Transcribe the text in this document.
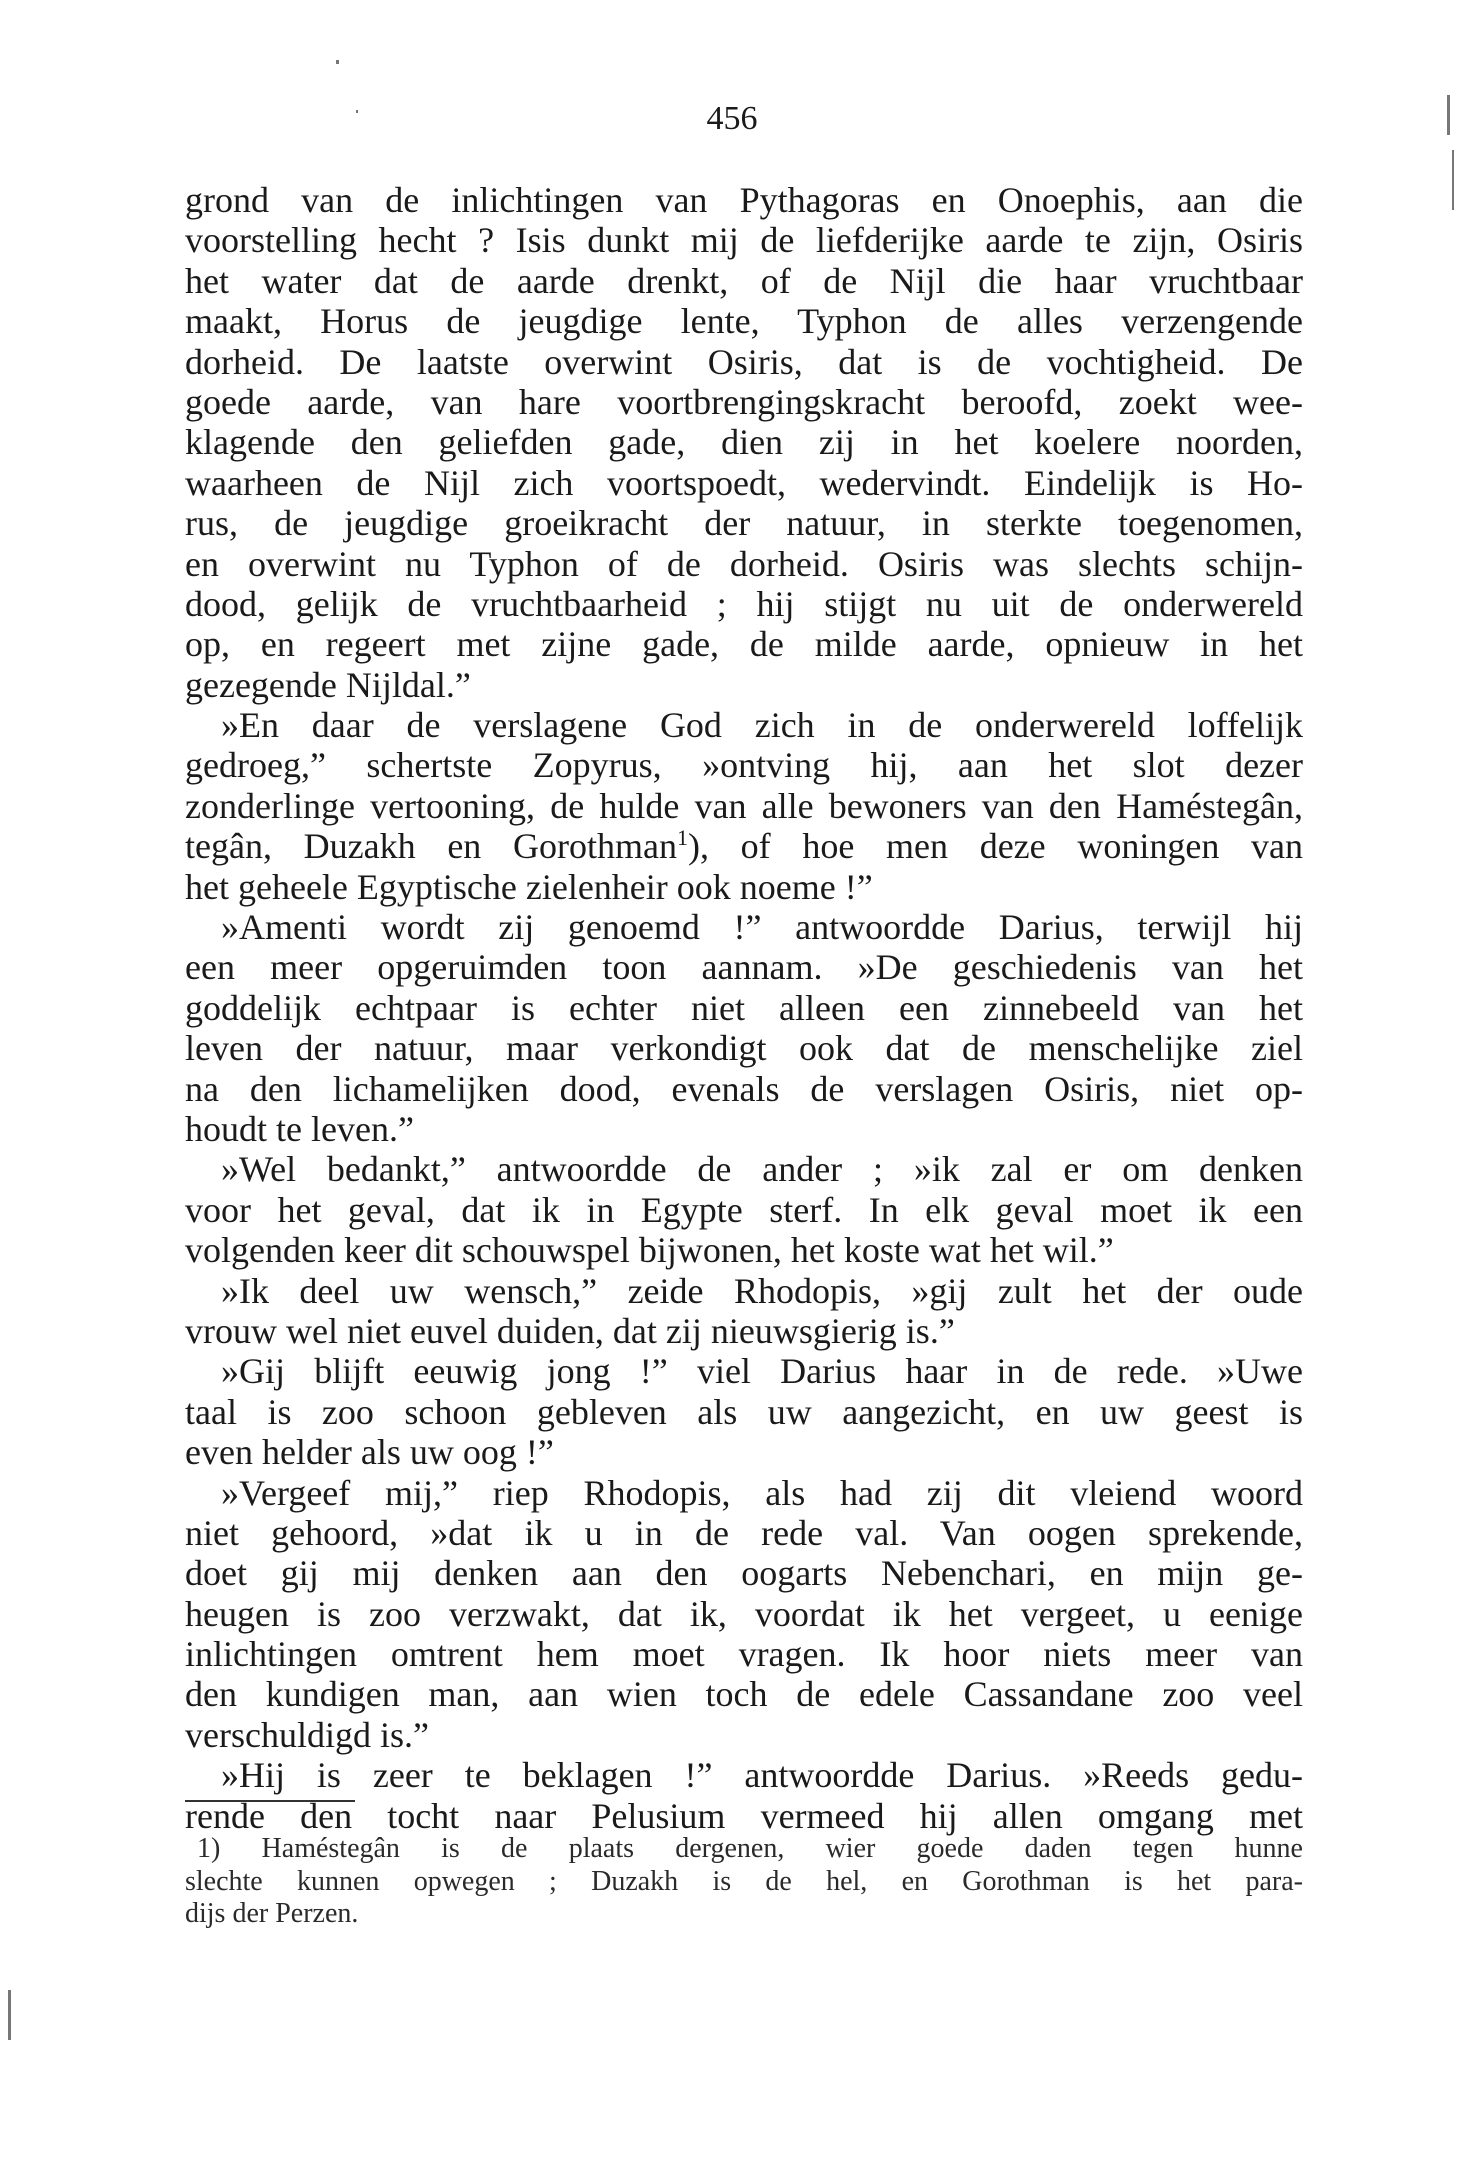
456
grond van de inlichtingen van Pythagoras en Onoephis, aan die
voorstelling hecht ? Isis dunkt mij de liefderijke aarde te zijn, Osiris
het water dat de aarde drenkt, of de Nijl die haar vruchtbaar
maakt, Horus de jeugdige lente, Typhon de alles verzengende
dorheid. De laatste overwint Osiris, dat is de vochtigheid. De
goede aarde, van hare voortbrengingskracht beroofd, zoekt wee-
klagende den geliefden gade, dien zij in het koelere noorden,
waarheen de Nijl zich voortspoedt, wedervindt. Eindelijk is Ho-
rus, de jeugdige groeikracht der natuur, in sterkte toegenomen,
en overwint nu Typhon of de dorheid. Osiris was slechts schijn-
dood, gelijk de vruchtbaarheid ; hij stijgt nu uit de onderwereld
op, en regeert met zijne gade, de milde aarde, opnieuw in het
gezegende Nijldal.”
»En daar de verslagene God zich in de onderwereld loffelijk
gedroeg,” schertste Zopyrus, »ontving hij, aan het slot dezer
zonderlinge vertooning, de hulde van alle bewoners van den Haméstegân,
tegân, Duzakh en Gorothman$^1$), of hoe men deze woningen van
het geheele Egyptische zielenheir ook noeme !”
»Amenti wordt zij genoemd !” antwoordde Darius, terwijl hij
een meer opgeruimden toon aannam. »De geschiedenis van het
goddelijk echtpaar is echter niet alleen een zinnebeeld van het
leven der natuur, maar verkondigt ook dat de menschelijke ziel
na den lichamelijken dood, evenals de verslagen Osiris, niet op-
houdt te leven.”
»Wel bedankt,” antwoordde de ander ; »ik zal er om denken
voor het geval, dat ik in Egypte sterf. In elk geval moet ik een
volgenden keer dit schouwspel bijwonen, het koste wat het wil.”
»Ik deel uw wensch,” zeide Rhodopis, »gij zult het der oude
vrouw wel niet euvel duiden, dat zij nieuwsgierig is.”
»Gij blijft eeuwig jong !” viel Darius haar in de rede. »Uwe
taal is zoo schoon gebleven als uw aangezicht, en uw geest is
even helder als uw oog !”
»Vergeef mij,” riep Rhodopis, als had zij dit vleiend woord
niet gehoord, »dat ik u in de rede val. Van oogen sprekende,
doet gij mij denken aan den oogarts Nebenchari, en mijn ge-
heugen is zoo verzwakt, dat ik, voordat ik het vergeet, u eenige
inlichtingen omtrent hem moet vragen. Ik hoor niets meer van
den kundigen man, aan wien toch de edele Cassandane zoo veel
verschuldigd is.”
»Hij is zeer te beklagen !” antwoordde Darius. »Reeds gedu-
rende den tocht naar Pelusium vermeed hij allen omgang met
1) Haméstegân is de plaats dergenen, wier goede daden tegen hunne
slechte kunnen opwegen ; Duzakh is de hel, en Gorothman is het para-
dijs der Perzen.
